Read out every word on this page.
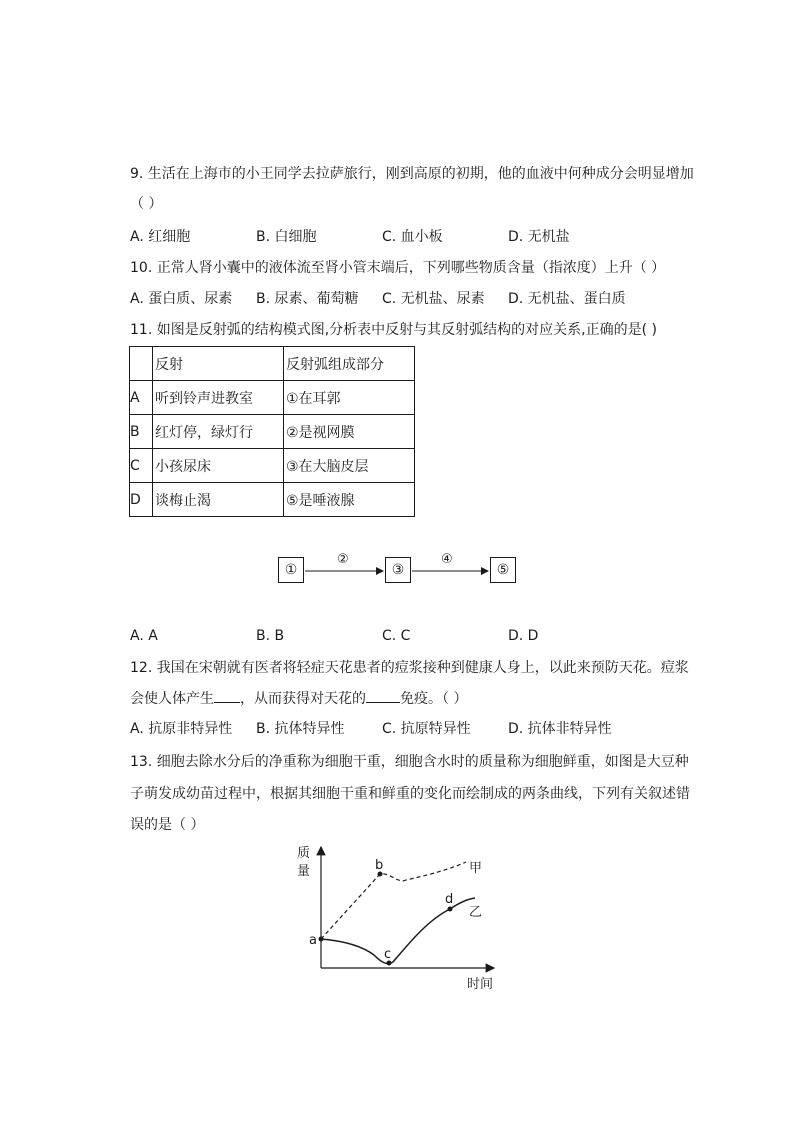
9. 生活在上海市的小王同学去拉萨旅行，刚到高原的初期，他的血液中何种成分会明显增加
（ ）
A. 红细胞	B. 白细胞	C. 血小板	D. 无机盐
10. 正常人肾小囊中的液体流至肾小管末端后，下列哪些物质含量（指浓度）上升（ ）
A. 蛋白质、尿素 B. 尿素、葡萄糖 C. 无机盐、尿素 D. 无机盐、蛋白质
11. 如图是反射弧的结构模式图,分析表中反射与其反射弧结构的对应关系,正确的是( )
	反射	反射弧组成部分
A	听到铃声进教室	①在耳郭
B	红灯停，绿灯行	②是视网膜
C	小孩尿床	③在大脑皮层
D	谈梅止渴	⑤是唾液腺
①	③	⑤
②	④
A. A	B. B	C. C	D. D
12. 我国在宋朝就有医者将轻症天花患者的痘浆接种到健康人身上，以此来预防天花。痘浆
会使人体产生 ，从而获得对天花的 免疫。（ ）
A. 抗原非特异性 B. 抗体特异性	C. 抗原特异性	D. 抗体非特异性
13. 细胞去除水分后的净重称为细胞干重，细胞含水时的质量称为细胞鲜重，如图是大豆种
子萌发成幼苗过程中，根据其细胞干重和鲜重的变化而绘制成的两条曲线，下列有关叙述错
误的是（ ）
质
量
时间
a
b
c
d
甲
乙
